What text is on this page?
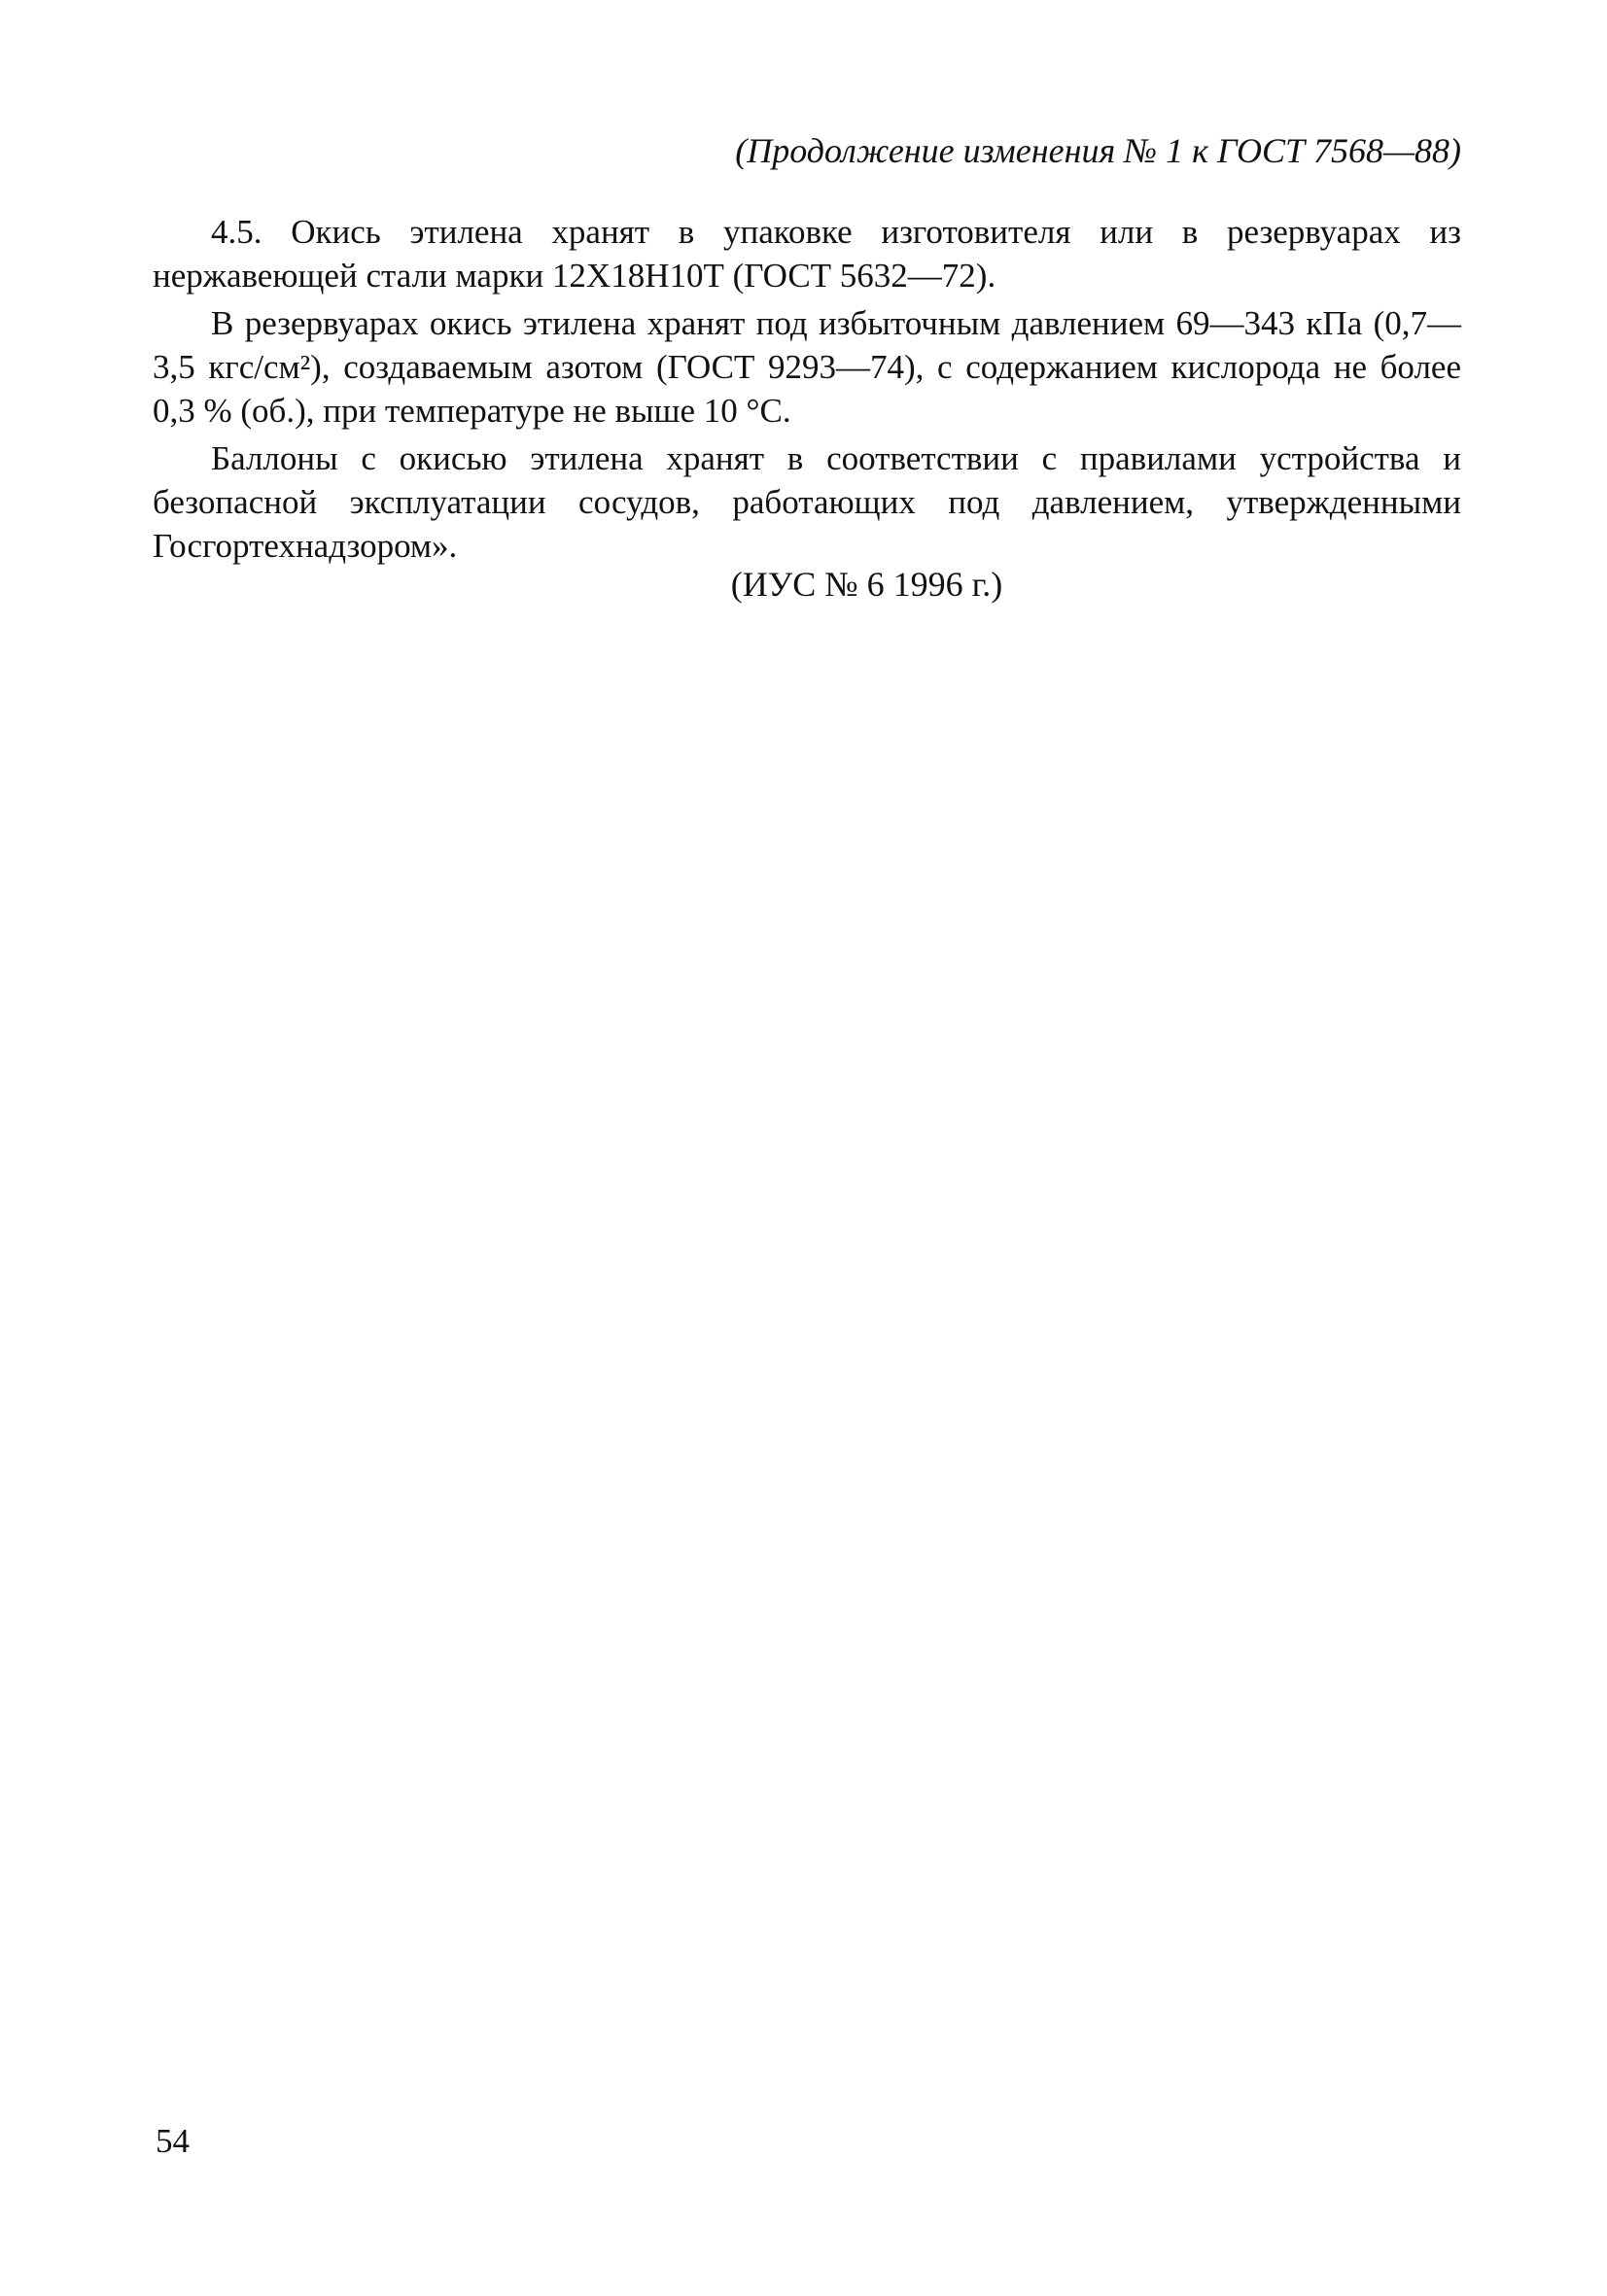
(Продолжение изменения № 1 к ГОСТ 7568—88)

4.5. Окись этилена хранят в упаковке изготовителя или в резервуарах из нержавеющей стали марки 12Х18Н10Т (ГОСТ 5632—72).

В резервуарах окись этилена хранят под избыточным давлением 69—343 кПа (0,7—3,5 кгс/см²), создаваемым азотом (ГОСТ 9293—74), с содержанием кислорода не более 0,3 % (об.), при температуре не выше 10 °С.

Баллоны с окисью этилена хранят в соответствии с правилами устройства и безопасной эксплуатации сосудов, работающих под давлением, утвержденными Госгортехнадзором».

(ИУС № 6 1996 г.)
54
